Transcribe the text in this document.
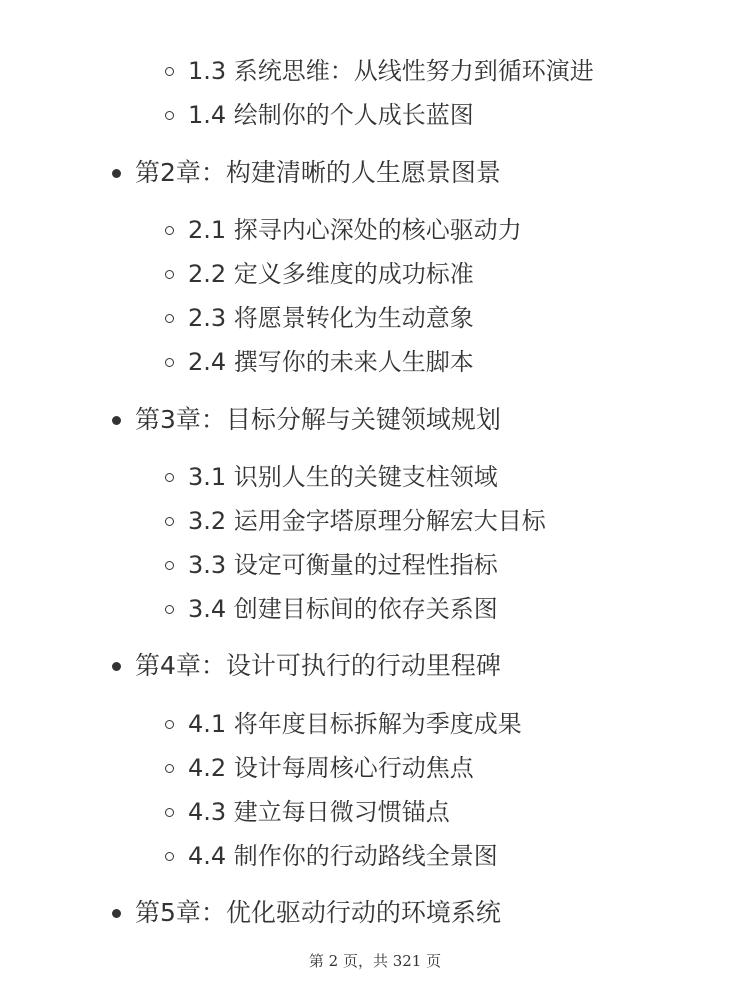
1.3 系统思维：从线性努力到循环演进
1.4 绘制你的个人成长蓝图
第2章：构建清晰的人生愿景图景
2.1 探寻内心深处的核心驱动力
2.2 定义多维度的成功标准
2.3 将愿景转化为生动意象
2.4 撰写你的未来人生脚本
第3章：目标分解与关键领域规划
3.1 识别人生的关键支柱领域
3.2 运用金字塔原理分解宏大目标
3.3 设定可衡量的过程性指标
3.4 创建目标间的依存关系图
第4章：设计可执行的行动里程碑
4.1 将年度目标拆解为季度成果
4.2 设计每周核心行动焦点
4.3 建立每日微习惯锚点
4.4 制作你的行动路线全景图
第5章：优化驱动行动的环境系统
第 2 页，共 321 页
